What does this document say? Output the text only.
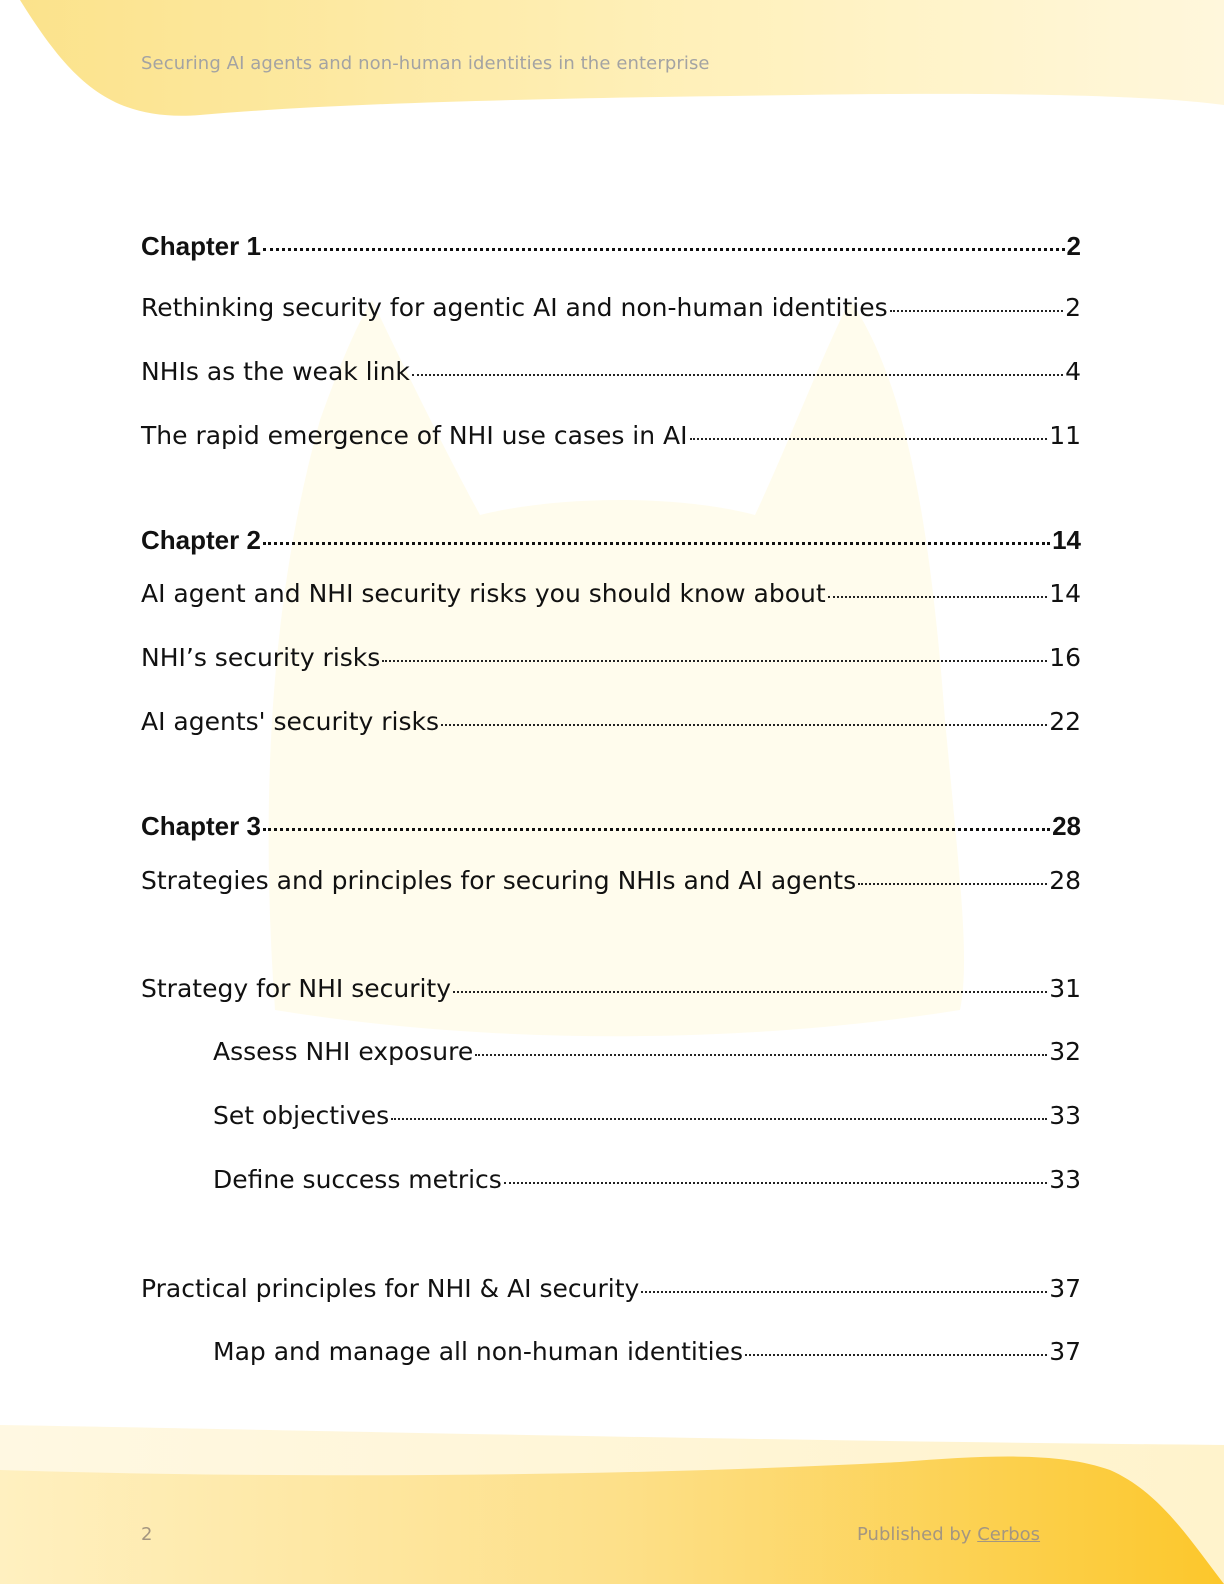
Securing AI agents and non-human identities in the enterprise
Chapter 1	2
Rethinking security for agentic AI and non-human identities	2
NHIs as the weak link	4
The rapid emergence of NHI use cases in AI	11
Chapter 2	14
AI agent and NHI security risks you should know about	14
NHI’s security risks	16
AI agents' security risks	22
Chapter 3	28
Strategies and principles for securing NHIs and AI agents	28
Strategy for NHI security	31
Assess NHI exposure	32
Set objectives	33
Define success metrics	33
Practical principles for NHI & AI security	37
Map and manage all non-human identities	37
2	Published by Cerbos
